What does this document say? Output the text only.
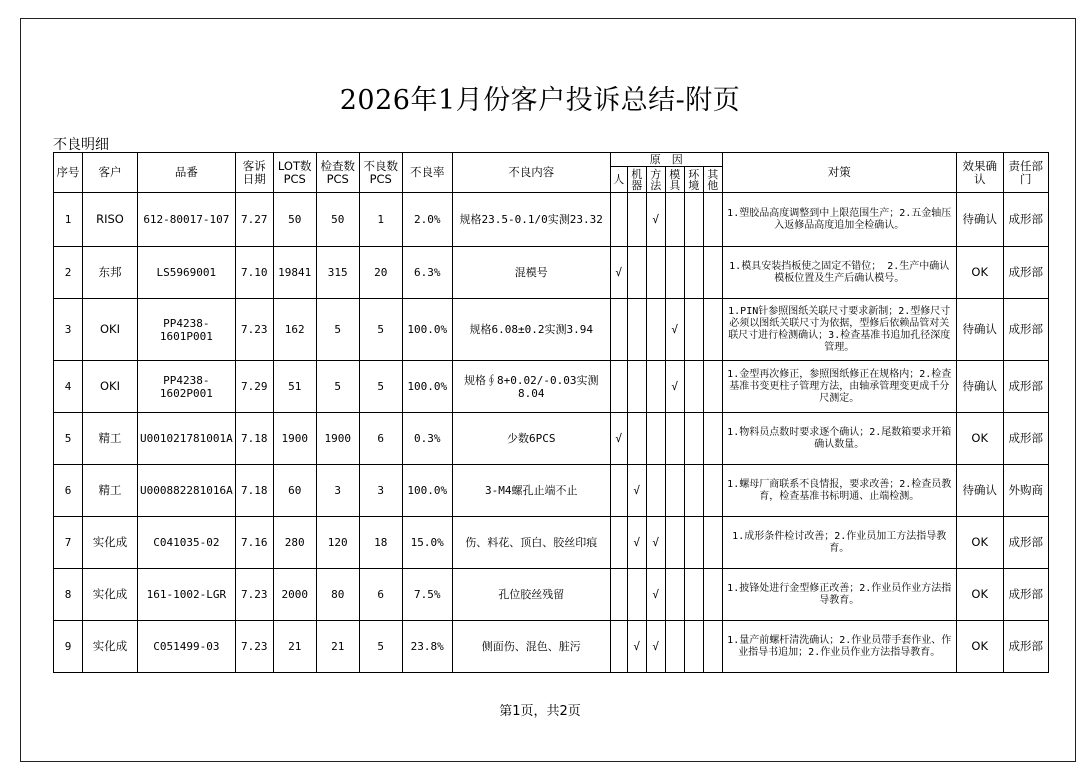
2026年1月份客户投诉总结-附页
不良明细
序号	客户	品番	客诉日期	LOT数PCS	检查数PCS	不良数PCS	不良率	不良内容	原　因						对策	效果确认	责任部门
									人	机器	方法	模具	环境	其他			
1	RISO	612-80017-107	7.27	50	50	1	2.0%	规格23.5-0.1/0实测23.32			√				1.塑胶品高度调整到中上限范围生产；2.五金轴压入返修品高度追加全检确认。	待确认	成形部
2	东邦	LS5969001	7.10	19841	315	20	6.3%	混模号	√						1.模具安装挡板使之固定不错位； 2.生产中确认模板位置及生产后确认模号。	OK	成形部
3	OKI	PP4238-1601P001	7.23	162	5	5	100.0%	规格6.08±0.2实测3.94				√			1.PIN针参照图纸关联尺寸要求新制；2.型修尺寸必须以图纸关联尺寸为依据，型修后依赖品管对关联尺寸进行检测确认；3.检查基准书追加孔径深度管理。	待确认	成形部
4	OKI	PP4238-1602P001	7.29	51	5	5	100.0%	规格∮8+0.02/-0.03实测8.04				√			1.金型再次修正，参照图纸修正在规格内；2.检查基准书变更柱子管理方法，由轴承管理变更成千分尺测定。	待确认	成形部
5	精工	U001021781001A	7.18	1900	1900	6	0.3%	少数6PCS	√						1.物料员点数时要求逐个确认；2.尾数箱要求开箱确认数量。	OK	成形部
6	精工	U000882281016A	7.18	60	3	3	100.0%	3-M4螺孔止端不止		√					1.螺母厂商联系不良情报，要求改善；2.检查员教育，检查基准书标明通、止端检测。	待确认	外购商
7	实化成	C041035-02	7.16	280	120	18	15.0%	伤、料花、顶白、胶丝印痕		√	√				1.成形条件检讨改善；2.作业员加工方法指导教育。	OK	成形部
8	实化成	161-1002-LGR	7.23	2000	80	6	7.5%	孔位胶丝残留			√				1.披锋处进行金型修正改善；2.作业员作业方法指导教育。	OK	成形部
9	实化成	C051499-03	7.23	21	21	5	23.8%	侧面伤、混色、脏污		√	√				1.量产前螺杆清洗确认；2.作业员带手套作业、作业指导书追加；2.作业员作业方法指导教育。	OK	成形部
第1页，共2页
